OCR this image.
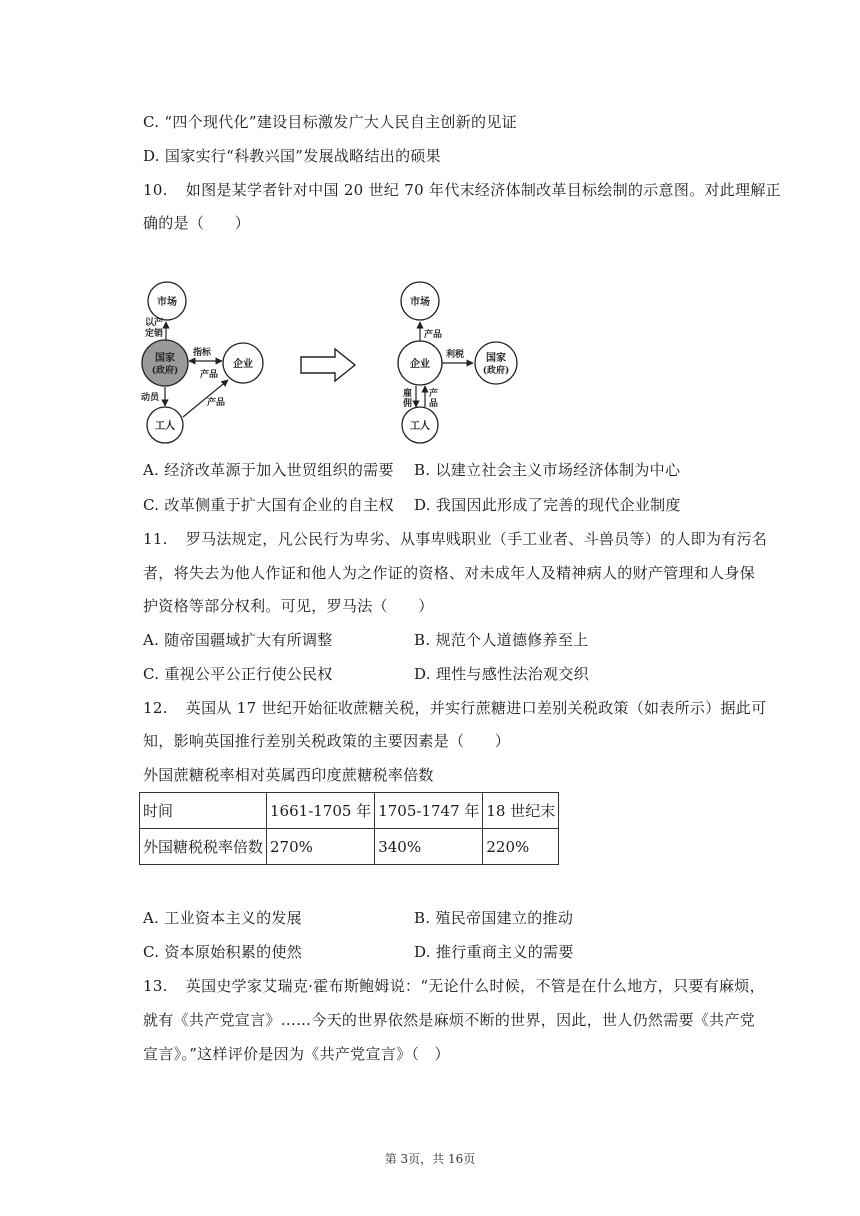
C. “四个现代化”建设目标激发广大人民自主创新的见证
D. 国家实行“科教兴国”发展战略结出的硕果
10. 如图是某学者针对中国 20 世纪 70 年代末经济体制改革目标绘制的示意图。对此理解正
确的是（　　）
市场
国家
(政府)
企业
工人
以产
定销
指标
产品
动员	产品
市场
企业
国家
(政府)
工人
产品
利税
雇
佣
产
品
A. 经济改革源于加入世贸组织的需要 B. 以建立社会主义市场经济体制为中心
C. 改革侧重于扩大国有企业的自主权 D. 我国因此形成了完善的现代企业制度
11. 罗马法规定，凡公民行为卑劣、从事卑贱职业（手工业者、斗兽员等）的人即为有污名
者，将失去为他人作证和他人为之作证的资格、对未成年人及精神病人的财产管理和人身保
护资格等部分权利。可见，罗马法（　　）
A. 随帝国疆域扩大有所调整	B. 规范个人道德修养至上
C. 重视公平公正行使公民权	D. 理性与感性法治观交织
12. 英国从 17 世纪开始征收蔗糖关税，并实行蔗糖进口差别关税政策（如表所示）据此可
知，影响英国推行差别关税政策的主要因素是（　　）
外国蔗糖税率相对英属西印度蔗糖税率倍数
时间	1661-1705 年	1705-1747 年	18 世纪末
外国糖税税率倍数	270%	340%	220%
A. 工业资本主义的发展	B. 殖民帝国建立的推动
C. 资本原始积累的使然	D. 推行重商主义的需要
13. 英国史学家艾瑞克·霍布斯鲍姆说：“无论什么时候，不管是在什么地方，只要有麻烦，
就有《共产党宣言》……今天的世界依然是麻烦不断的世界，因此，世人仍然需要《共产党
宣言》。”这样评价是因为《共产党宣言》（　）
第 3页，共 16页
